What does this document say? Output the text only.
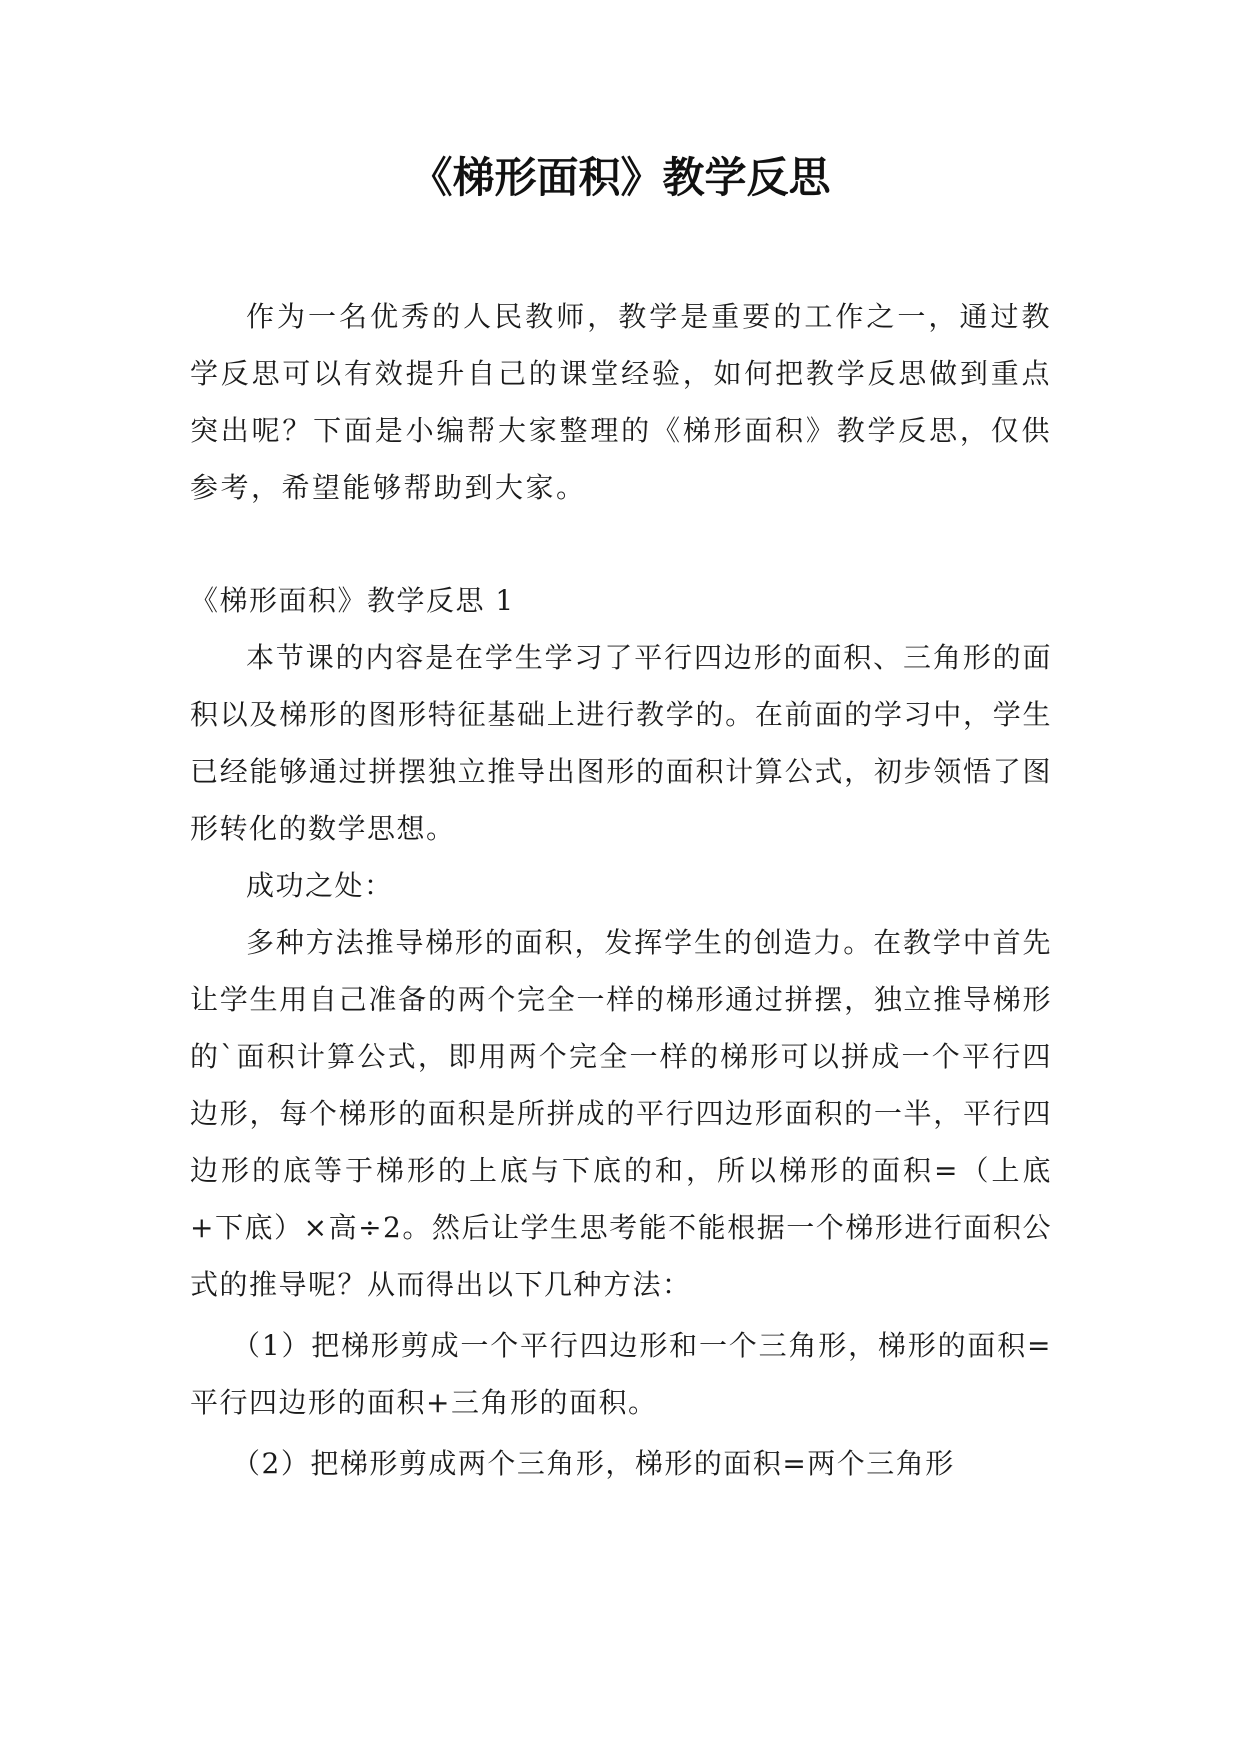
《梯形面积》教学反思

作为一名优秀的人民教师，教学是重要的工作之一，通过教学反思可以有效提升自己的课堂经验，如何把教学反思做到重点突出呢？下面是小编帮大家整理的《梯形面积》教学反思，仅供参考，希望能够帮助到大家。

《梯形面积》教学反思 1

本节课的内容是在学生学习了平行四边形的面积、三角形的面积以及梯形的图形特征基础上进行教学的。在前面的学习中，学生已经能够通过拼摆独立推导出图形的面积计算公式，初步领悟了图形转化的数学思想。

成功之处：

多种方法推导梯形的面积，发挥学生的创造力。在教学中首先让学生用自己准备的两个完全一样的梯形通过拼摆，独立推导梯形的`面积计算公式，即用两个完全一样的梯形可以拼成一个平行四边形，每个梯形的面积是所拼成的平行四边形面积的一半，平行四边形的底等于梯形的上底与下底的和，所以梯形的面积=（上底+下底）×高÷2。然后让学生思考能不能根据一个梯形进行面积公式的推导呢？从而得出以下几种方法：

（1）把梯形剪成一个平行四边形和一个三角形，梯形的面积=平行四边形的面积+三角形的面积。

（2）把梯形剪成两个三角形，梯形的面积=两个三角形
